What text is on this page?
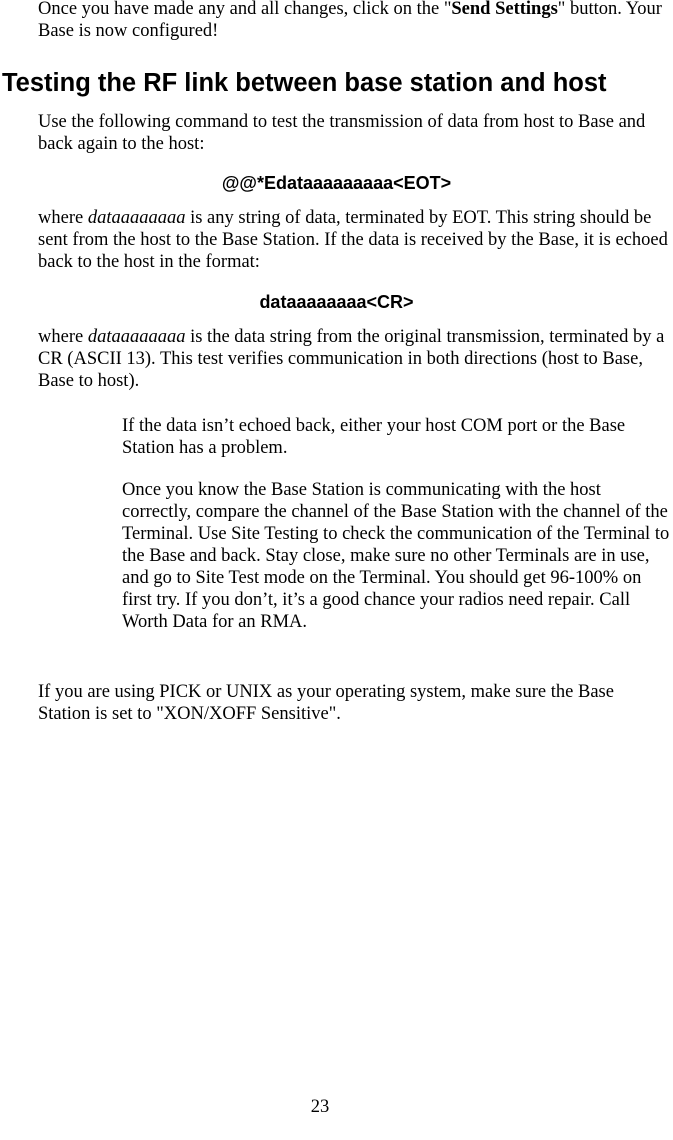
Once you have made any and all changes, click on the "Send Settings" button. Your Base is now configured!

Testing the RF link between base station and host

Use the following command to test the transmission of data from host to Base and back again to the host:

@@*Edataaaaaaaaa<EOT>

where dataaaaaaaa is any string of data, terminated by EOT. This string should be sent from the host to the Base Station. If the data is received by the Base, it is echoed back to the host in the format:

dataaaaaaaa<CR>

where dataaaaaaaa is the data string from the original transmission, terminated by a CR (ASCII 13). This test verifies communication in both directions (host to Base, Base to host).

If the data isn’t echoed back, either your host COM port or the Base Station has a problem.

Once you know the Base Station is communicating with the host correctly, compare the channel of the Base Station with the channel of the Terminal. Use Site Testing to check the communication of the Terminal to the Base and back. Stay close, make sure no other Terminals are in use, and go to Site Test mode on the Terminal. You should get 96-100% on first try. If you don’t, it’s a good chance your radios need repair. Call Worth Data for an RMA.

If you are using PICK or UNIX as your operating system, make sure the Base Station is set to "XON/XOFF Sensitive".

23
